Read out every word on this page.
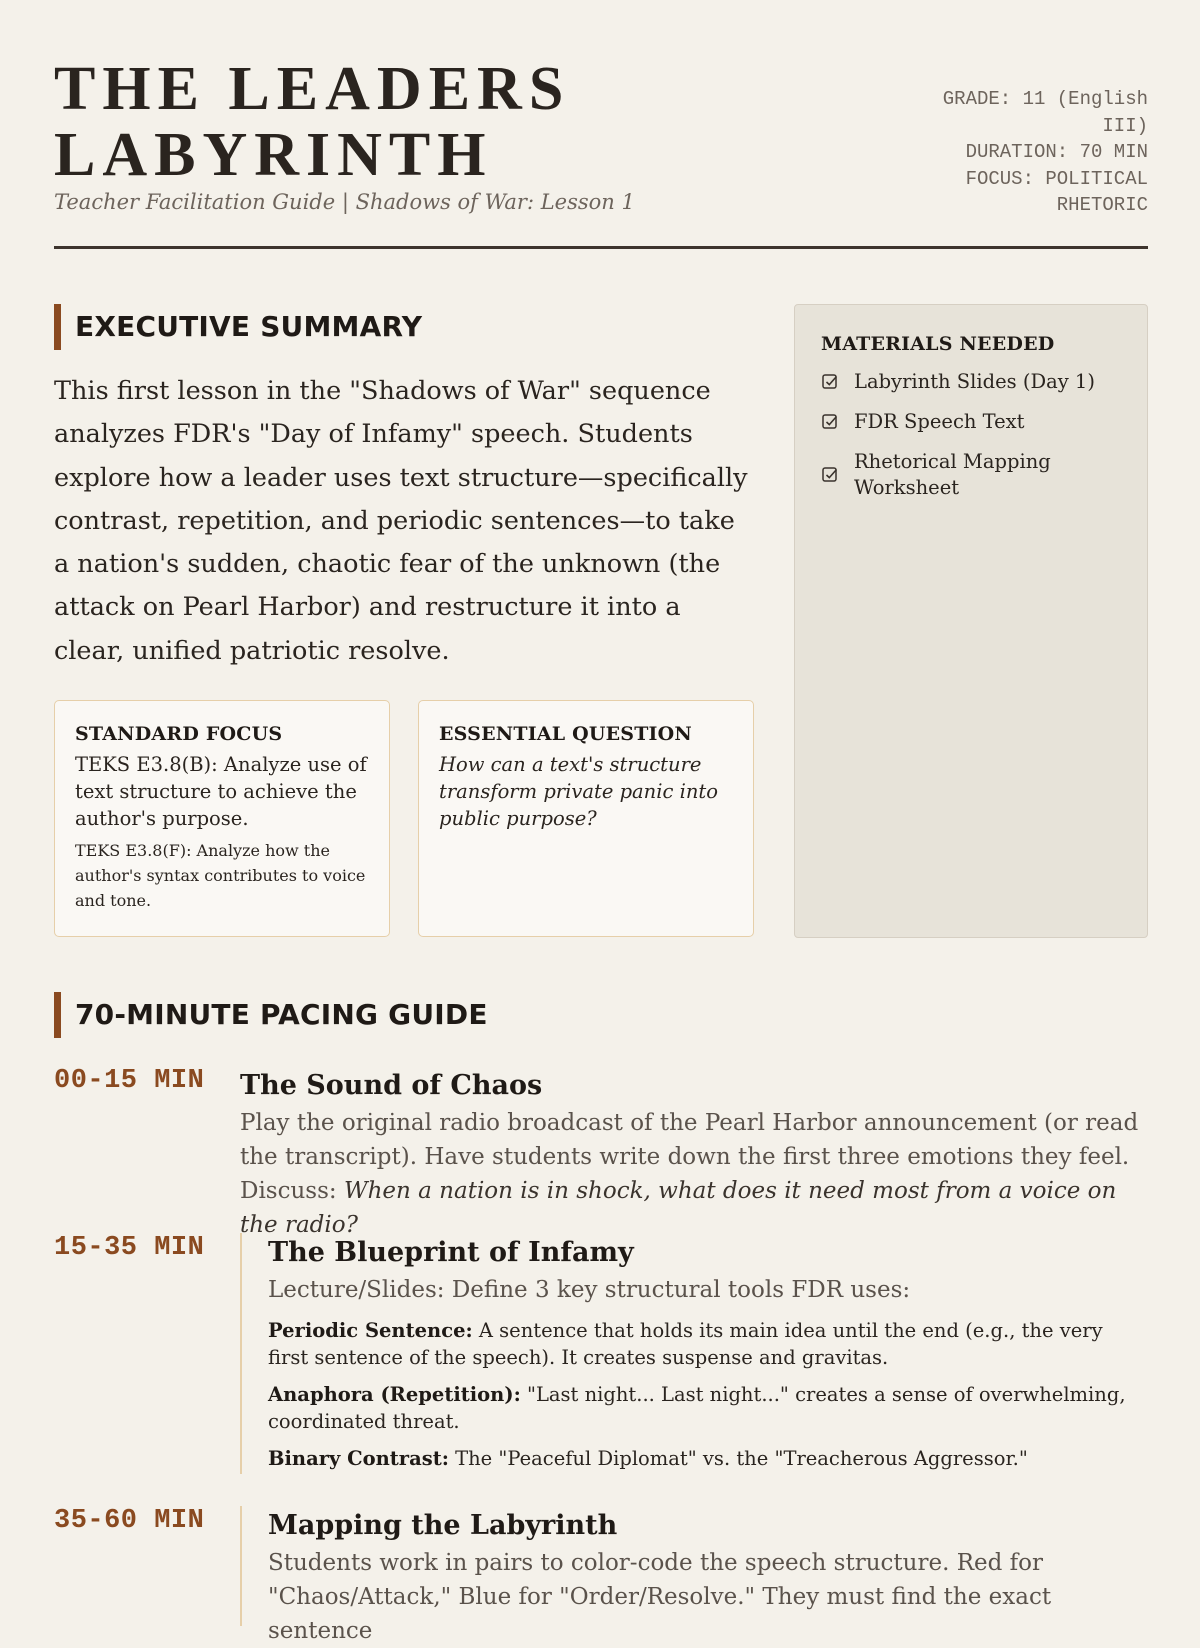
THE LEADERS
LABYRINTH
Teacher Facilitation Guide | Shadows of War: Lesson 1
GRADE: 11 (English III)
DURATION: 70 MIN
FOCUS: POLITICAL RHETORIC
EXECUTIVE SUMMARY

This first lesson in the "Shadows of War" sequence analyzes FDR's "Day of Infamy" speech. Students explore how a leader uses text structure—specifically contrast, repetition, and periodic sentences—to take a nation's sudden, chaotic fear of the unknown (the attack on Pearl Harbor) and restructure it into a clear, unified patriotic resolve.

STANDARD FOCUS

TEKS E3.8(B): Analyze use of text structure to achieve the author's purpose.

TEKS E3.8(F): Analyze how the author's syntax contributes to voice and tone.

ESSENTIAL QUESTION

How can a text's structure transform private panic into public purpose?

MATERIALS NEEDED
Labyrinth Slides (Day 1)
FDR Speech Text
Rhetorical Mapping Worksheet
70-MINUTE PACING GUIDE
00-15 MIN The Sound of Chaos

Play the original radio broadcast of the Pearl Harbor announcement (or read the transcript). Have students write down the first three emotions they feel. Discuss: When a nation is in shock, what does it need most from a voice on the radio?

15-35 MIN The Blueprint of Infamy

Lecture/Slides: Define 3 key structural tools FDR uses:

Periodic Sentence: A sentence that holds its main idea until the end (e.g., the very first sentence of the speech). It creates suspense and gravitas.

Anaphora (Repetition): "Last night... Last night..." creates a sense of overwhelming, coordinated threat.

Binary Contrast: The "Peaceful Diplomat" vs. the "Treacherous Aggressor."

35-60 MIN Mapping the Labyrinth

Students work in pairs to color-code the speech structure. Red for "Chaos/Attack," Blue for "Order/Resolve." They must find the exact sentence
